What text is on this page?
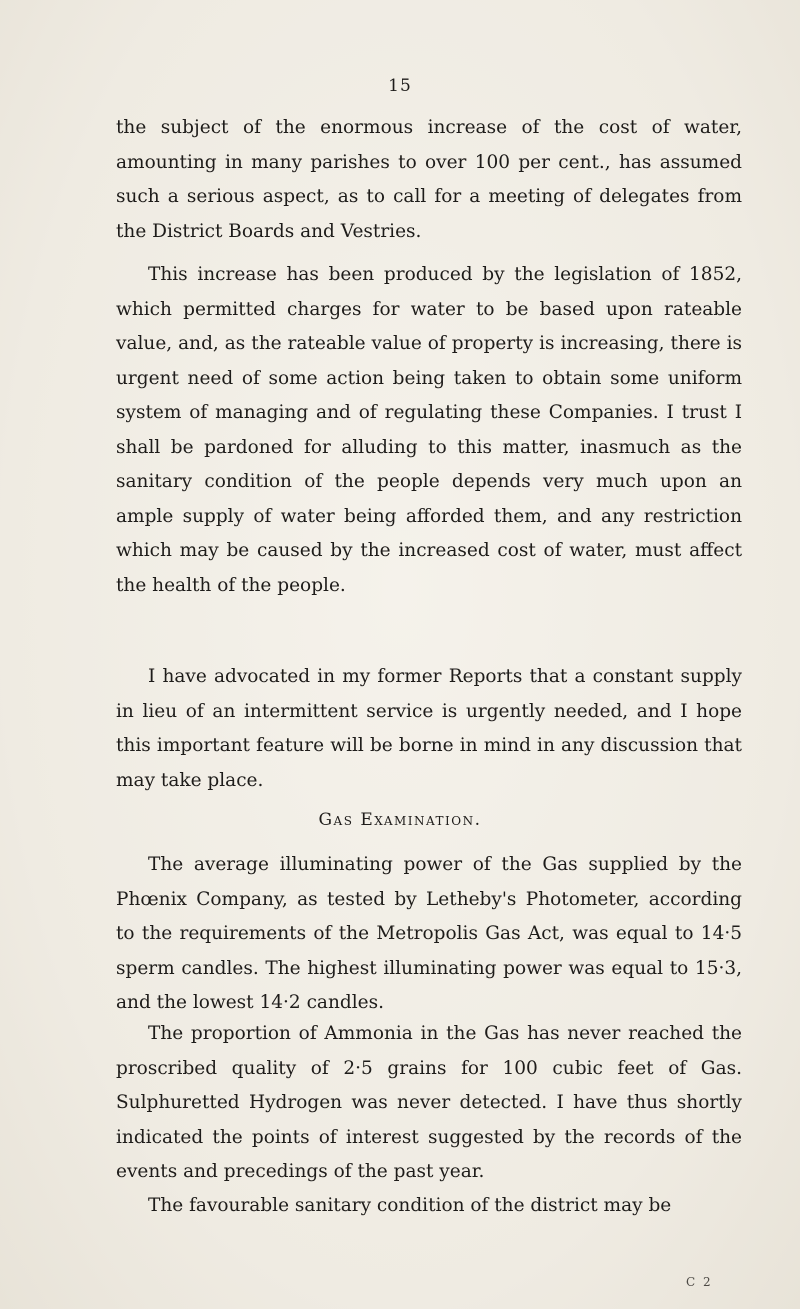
15

the subject of the enormous increase of the cost of water, amounting in many parishes to over 100 per cent., has assumed such a serious aspect, as to call for a meeting of delegates from the District Boards and Vestries.

This increase has been produced by the legislation of 1852, which permitted charges for water to be based upon rateable value, and, as the rateable value of property is increasing, there is urgent need of some action being taken to obtain some uniform system of managing and of regulating these Companies. I trust I shall be pardoned for alluding to this matter, inasmuch as the sanitary condition of the people depends very much upon an ample supply of water being afforded them, and any restriction which may be caused by the increased cost of water, must affect the health of the people.

I have advocated in my former Reports that a constant supply in lieu of an intermittent service is urgently needed, and I hope this important feature will be borne in mind in any discussion that may take place.

Gas Examination.

The average illuminating power of the Gas supplied by the Phœnix Company, as tested by Letheby's Photometer, according to the requirements of the Metropolis Gas Act, was equal to 14·5 sperm candles. The highest illuminating power was equal to 15·3, and the lowest 14·2 candles.

The proportion of Ammonia in the Gas has never reached the proscribed quality of 2·5 grains for 100 cubic feet of Gas. Sulphuretted Hydrogen was never detected. I have thus shortly indicated the points of interest suggested by the records of the events and precedings of the past year.

The favourable sanitary condition of the district may be

C 2
